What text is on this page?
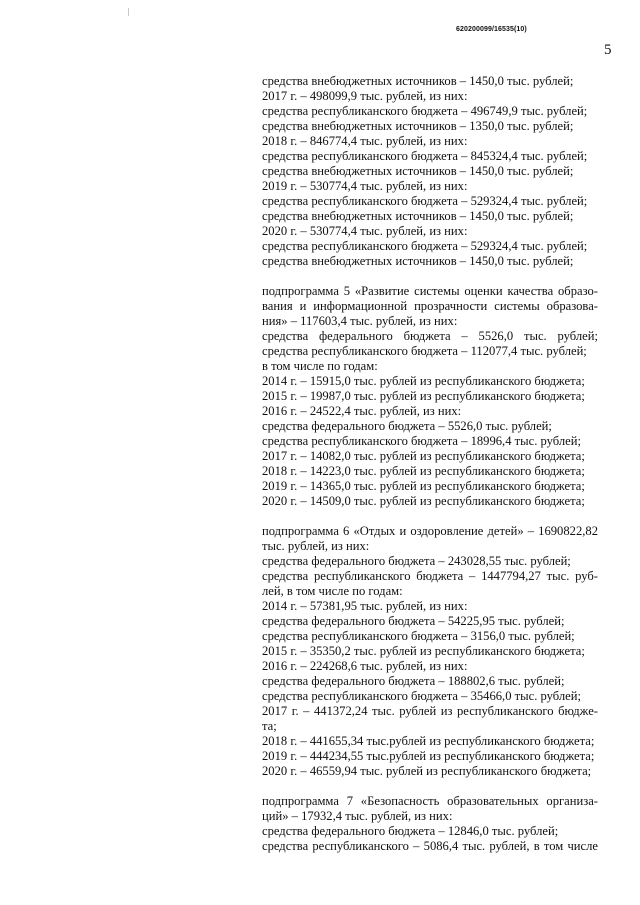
620200099/16535(10)
5
средства внебюджетных источников – 1450,0 тыс. рублей;
2017 г. – 498099,9 тыс. рублей, из них:
средства республиканского бюджета – 496749,9 тыс. рублей;
средства внебюджетных источников – 1350,0 тыс. рублей;
2018 г. – 846774,4 тыс. рублей, из них:
средства республиканского бюджета – 845324,4 тыс. рублей;
средства внебюджетных источников – 1450,0 тыс. рублей;
2019 г. – 530774,4 тыс. рублей, из них:
средства республиканского бюджета – 529324,4 тыс. рублей;
средства внебюджетных источников – 1450,0 тыс. рублей;
2020 г. – 530774,4 тыс. рублей, из них:
средства республиканского бюджета – 529324,4 тыс. рублей;
средства внебюджетных источников – 1450,0 тыс. рублей;
подпрограмма 5 «Развитие системы оценки качества образо-
вания и информационной прозрачности системы образова-
ния» – 117603,4 тыс. рублей, из них:
средства федерального бюджета – 5526,0 тыс. рублей;
средства республиканского бюджета – 112077,4 тыс. рублей;
в том числе по годам:
2014 г. – 15915,0 тыс. рублей из республиканского бюджета;
2015 г. – 19987,0 тыс. рублей из республиканского бюджета;
2016 г. – 24522,4 тыс. рублей, из них:
средства федерального бюджета – 5526,0 тыс. рублей;
средства республиканского бюджета – 18996,4 тыс. рублей;
2017 г. – 14082,0 тыс. рублей из республиканского бюджета;
2018 г. – 14223,0 тыс. рублей из республиканского бюджета;
2019 г. – 14365,0 тыс. рублей из республиканского бюджета;
2020 г. – 14509,0 тыс. рублей из республиканского бюджета;
подпрограмма 6 «Отдых и оздоровление детей» – 1690822,82
тыс. рублей, из них:
средства федерального бюджета – 243028,55 тыс. рублей;
средства республиканского бюджета – 1447794,27 тыс. руб-
лей, в том числе по годам:
2014 г. – 57381,95 тыс. рублей, из них:
средства федерального бюджета – 54225,95 тыс. рублей;
средства республиканского бюджета – 3156,0 тыс. рублей;
2015 г. – 35350,2 тыс. рублей из республиканского бюджета;
2016 г. – 224268,6 тыс. рублей, из них:
средства федерального бюджета – 188802,6 тыс. рублей;
средства республиканского бюджета – 35466,0 тыс. рублей;
2017 г. – 441372,24 тыс. рублей из республиканского бюдже-
та;
2018 г. – 441655,34 тыс.рублей из республиканского бюджета;
2019 г. – 444234,55 тыс.рублей из республиканского бюджета;
2020 г. – 46559,94 тыс. рублей из республиканского бюджета;
подпрограмма 7 «Безопасность образовательных организа-
ций» – 17932,4 тыс. рублей, из них:
средства федерального бюджета – 12846,0 тыс. рублей;
средства республиканского – 5086,4 тыс. рублей, в том числе
